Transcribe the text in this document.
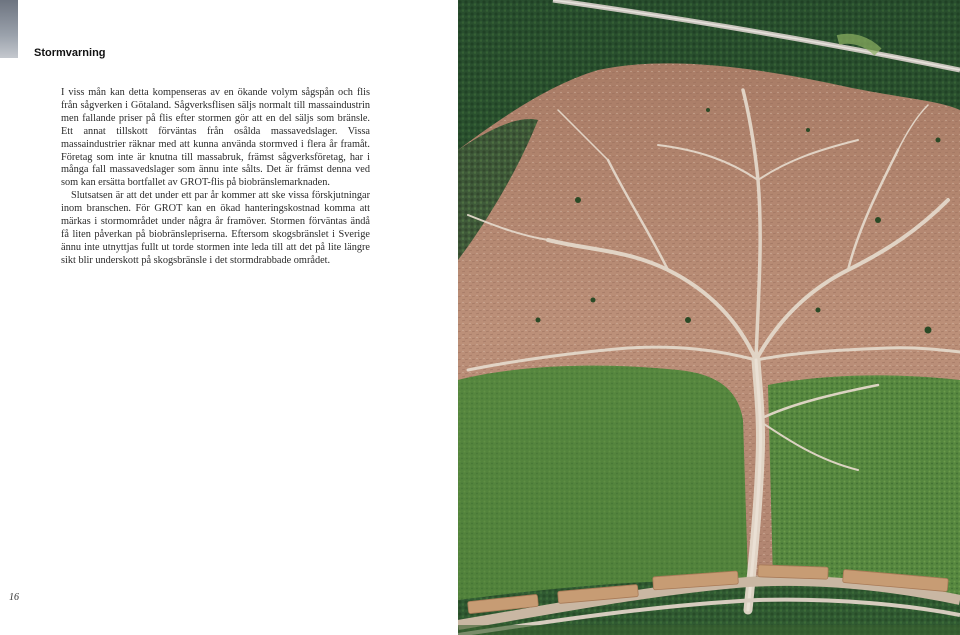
Stormvarning

I viss mån kan detta kompenseras av en ökande volym sågspån och flis från sågverken i Götaland. Sågverksflisen säljs normalt till massaindustrin men fallande priser på flis efter stormen gör att en del säljs som bränsle. Ett annat tillskott förväntas från osålda massavedslager. Vissa massaindustrier räknar med att kunna använda stormved i flera år framåt. Företag som inte är knutna till massabruk, främst sågverksföretag, har i många fall massavedslager som ännu inte sålts. Det är främst denna ved som kan ersätta bortfallet av GROT-flis på biobränslemarknaden.

Slutsatsen är att det under ett par år kommer att ske vissa förskjutningar inom branschen. För GROT kan en ökad hanteringskostnad komma att märkas i stormområdet under några år framöver. Stormen förväntas ändå få liten påverkan på biobränslepriserna. Eftersom skogsbränslet i Sverige ännu inte utnyttjas fullt ut torde stormen inte leda till att det på lite längre sikt blir underskott på skogsbränsle i det stormdrabbade området.

16
